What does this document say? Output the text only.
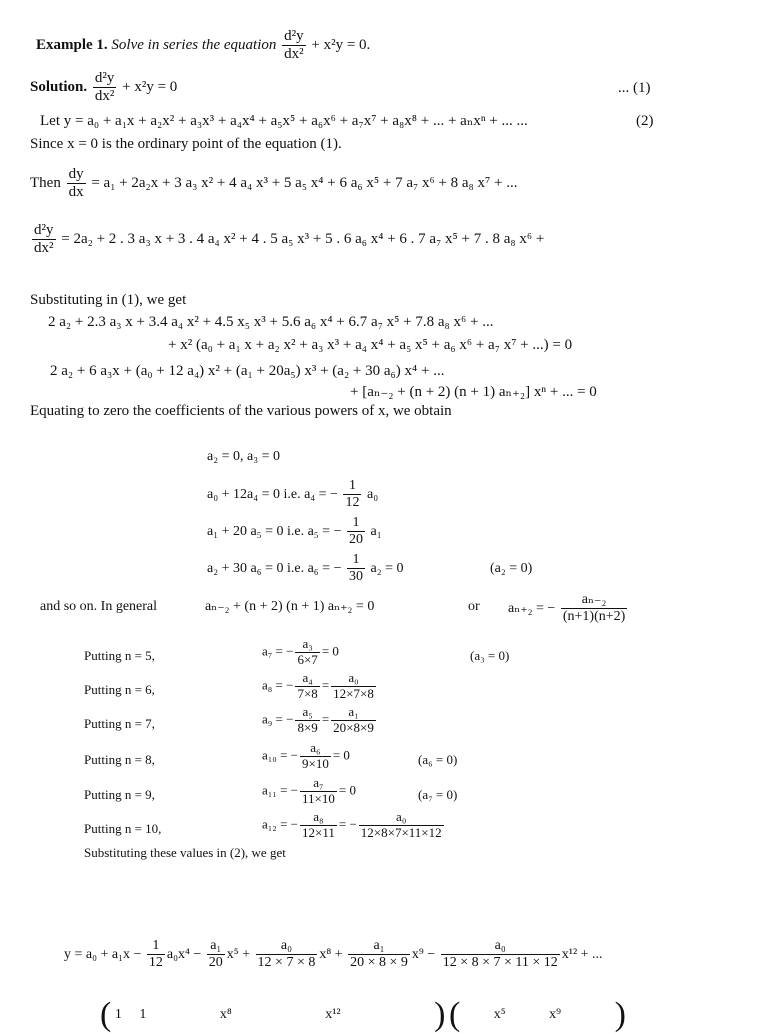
Example 1. Solve in series the equation $\frac{\text{d²y}}{\text{dx²}} + x^2y = 0$.
Solution. $\frac{\text{d²y}}{\text{dx²}} + x^2y = 0$	... (1)
Let y = a₀ + a₁x + a₂x² + a₃x³ + a₄x⁴ + a₅x⁵ + a₆x⁶ + a₇x⁷ + a₈x⁸ + ... + aₙxⁿ + ... ...	(2)
Since x = 0 is the ordinary point of the equation (1).
Then $\frac{dy}{dx} = a_1 + 2a_2x + 3$ a₃ x² + 4 a₄ x³ + 5 a₅ x⁴ + 6 a₆ x⁵ + 7 a₇ x⁶ + 8 a₈ x⁷ + ...
$\frac{\text{d²y}}{\text{dx²}} = 2a_2 + 2$ . 3 a₃ x + 3 . 4 a₄ x² + 4 . 5 a₅ x³ + 5 . 6 a₆ x⁴ + 6 . 7 a₇ x⁵ + 7 . 8 a₈ x⁶ +
Substituting in (1), we get
2 a₂ + 2.3 a₃ x + 3.4 a₄ x² + 4.5 x₅ x³ + 5.6 a₆ x⁴ + 6.7 a₇ x⁵ + 7.8 a₈ x⁶ + ...
+ x² (a₀ + a₁ x + a₂ x² + a₃ x³ + a₄ x⁴ + a₅ x⁵ + a₆ x⁶ + a₇ x⁷ + ...) = 0
2 a₂ + 6 a₃x + (a₀ + 12 a₄) x² + (a₁ + 20a₅) x³ + (a₂ + 30 a₆) x⁴ + ...
+ [aₙ₋₂ + (n + 2) (n + 1) aₙ₊₂] xⁿ + ... = 0
Equating to zero the coefficients of the various powers of x, we obtain
a₂ = 0, a₃ = 0
a₀ + 12a₄ = 0 i.e. a₄ = − $\frac{1}{12} a_0$
a₁ + 20 a₅ = 0 i.e. a₅ = − $\frac{1}{20} a_1$
a₂ + 30 a₆ = 0 i.e. a₆ = − $\frac{1}{30} a_2 = 0$	(a₂ = 0)
and so on. In general	aₙ₋₂ + (n + 2) (n + 1) aₙ₊₂ = 0	or aₙ₊₂ = − $\frac{\text{aₙ₋₂}}{(n+1)(n+2)}$
Putting n = 5,	a₇ = − $\frac{\text{a₃}}{6\times 7} = 0$	(a₃ = 0)
Putting n = 6,	a₈ = − $\frac{\text{a₄}}{7\times 8} = \frac{\text{a₀}}{12\times 7\times 8}$
Putting n = 7,	a₉ = − $\frac{\text{a₅}}{8\times 9} = \frac{\text{a₁}}{20\times 8\times 9}$
Putting n = 8,	a₁₀ = − $\frac{\text{a₆}}{9\times 10} = 0$	(a₆ = 0)
Putting n = 9,	a₁₁ = − $\frac{\text{a₇}}{11\times 10} = 0$	(a₇ = 0)
Putting n = 10,	a₁₂ = − $\frac{\text{a₈}}{12\times 11}$ = − $\frac{\text{a₀}}{12\times 8\times 7\times 11\times 12}$
Substituting these values in (2), we get
$y = a_0 + a_1x - \frac{1}{12} a_0x^4 - \frac{\text{a₁}}{20} x^5 + \frac{\text{a₀}}{12 \times 7 \times 8} x^8 + \frac{\text{a₁}}{20 \times 8 \times 9} x^9 - \frac{\text{a₀}}{12 \times 8 \times 7 \times 11 \times 12} x^{12}$ + ...
( 1 1	x⁸	x¹²	) ( x⁵	x⁹ )
